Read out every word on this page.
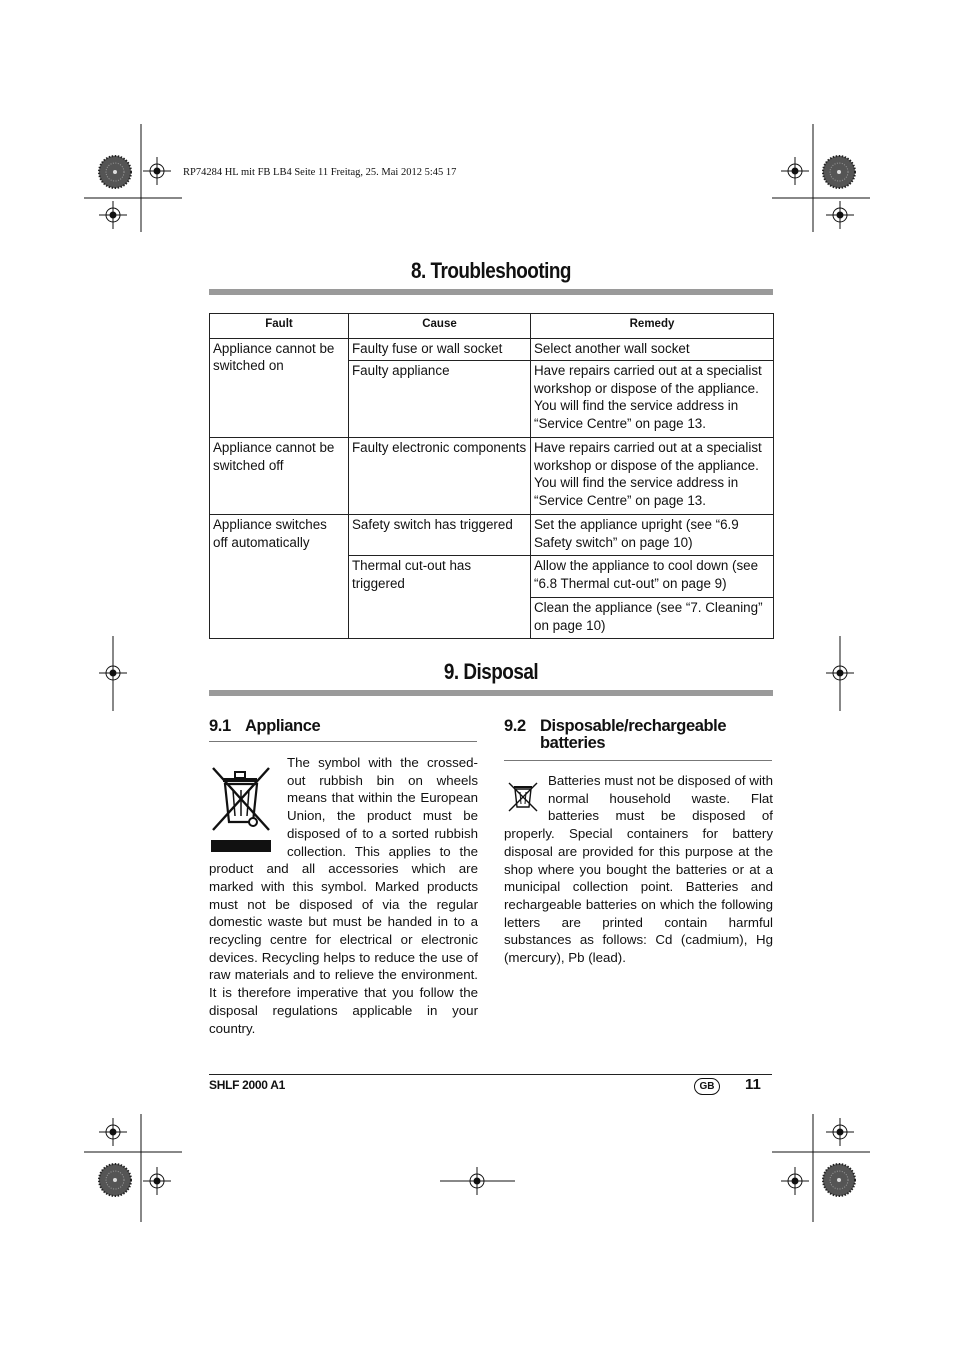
RP74284 HL mit FB LB4 Seite 11 Freitag, 25. Mai 2012 5:45 17
8. Troubleshooting
Fault	Cause	Remedy
Appliance cannot be switched on	Faulty fuse or wall socket	Select another wall socket
	Faulty appliance	Have repairs carried out at a specialist workshop or dispose of the appliance. You will find the service address in “Service Centre” on page 13.
Appliance cannot be switched off	Faulty electronic components	Have repairs carried out at a specialist workshop or dispose of the appliance. You will find the service address in “Service Centre” on page 13.
Appliance switches off automatically	Safety switch has triggered	Set the appliance upright (see “6.9 Safety switch” on page 10)
	Thermal cut-out has triggered	Allow the appliance to cool down (see “6.8 Thermal cut-out” on page 9)
		Clean the appliance (see “7. Cleaning” on page 10)
9. Disposal
9.1 Appliance
The symbol with the crossed-out rubbish bin on wheels means that within the European Union, the product must be disposed of to a sorted rubbish collection. This applies to the product and all accessories which are marked with this symbol. Marked products must not be disposed of via the regular domestic waste but must be handed in to a recycling centre for electrical or electronic devices. Recycling helps to reduce the use of raw materials and to relieve the environment. It is therefore imperative that you follow the disposal regulations applicable in your country.
9.2 Disposable/rechargeable
batteries
Batteries must not be disposed of with normal household waste. Flat batteries must be disposed of properly. Special containers for battery disposal are provided for this purpose at the shop where you bought the batteries or at a municipal collection point. Batteries and rechargeable batteries on which the following letters are printed contain harmful substances as follows: Cd (cadmium), Hg (mercury), Pb (lead).
SHLF 2000 A1	GB	11
